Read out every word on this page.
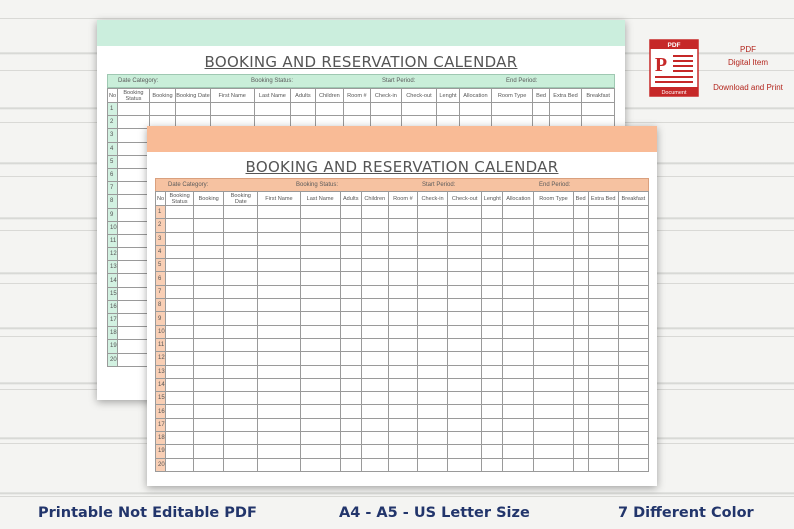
BOOKING AND RESERVATION CALENDAR
Date Category:	Booking Status:	Start Period:	End Period:
No	Booking Status	Booking	Booking Date	First Name	Last Name	Adults	Children	Room #	Check-in	Check-out	Lenght	Allocation	Room Type	Bed	Extra Bed	Breakfast
1																
2																
3																
4																
5																
6																
7																
8																
9																
10																
11																
12																
13																
14																
15																
16																
17																
18																
19																
20																
BOOKING AND RESERVATION CALENDAR
Date Category:	Booking Status:	Start Period:	End Period:
No	Booking Status	Booking	Booking Date	First Name	Last Name	Adults	Children	Room #	Check-in	Check-out	Lenght	Allocation	Room Type	Bed	Extra Bed	Breakfast
1																
2																
3																
4																
5																
6																
7																
8																
9																
10																
11																
12																
13																
14																
15																
16																
17																
18																
19																
20																
PDF
P
Document
PDF
Digital Item
Download and Print
Printable Not Editable PDF	A4 - A5 - US Letter Size	7 Different Color
